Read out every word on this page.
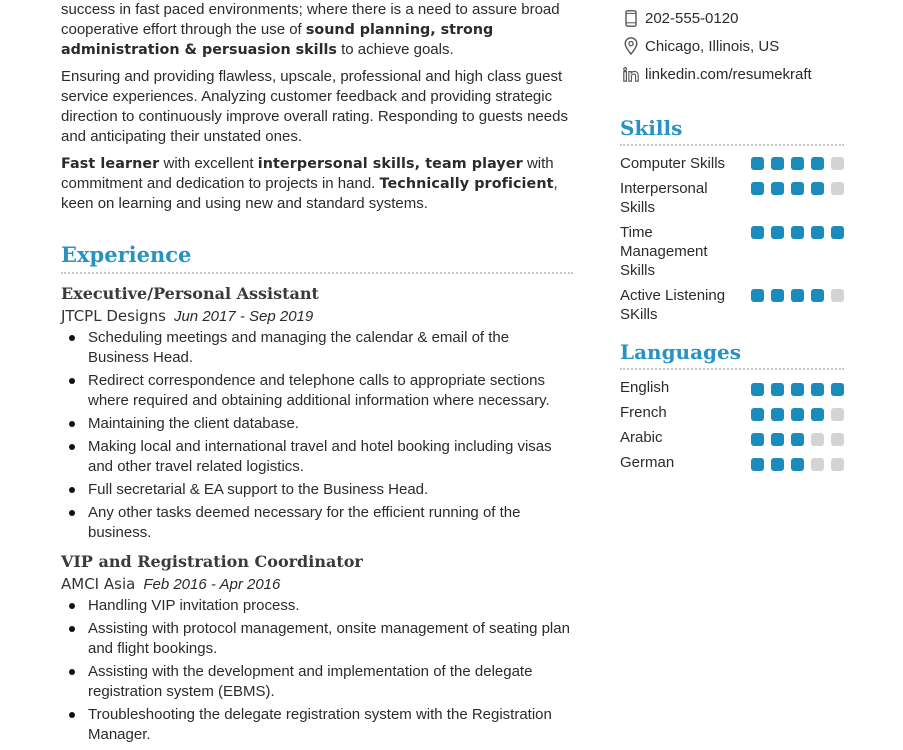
success in fast paced environments; where there is a need to assure broad
cooperative effort through the use of sound planning, strong
administration & persuasion skills to achieve goals.

Ensuring and providing flawless, upscale, professional and high class guest service experiences. Analyzing customer feedback and providing strategic direction to continuously improve overall rating. Responding to guests needs and anticipating their unstated ones.

Fast learner with excellent interpersonal skills, team player with commitment and dedication to projects in hand. Technically proficient, keen on learning and using new and standard systems.

Experience
Executive/Personal Assistant
JTCPL Designs Jun 2017 - Sep 2019
Scheduling meetings and managing the calendar & email of the Business Head.
Redirect correspondence and telephone calls to appropriate sections where required and obtaining additional information where necessary.
Maintaining the client database.
Making local and international travel and hotel booking including visas and other travel related logistics.
Full secretarial & EA support to the Business Head.
Any other tasks deemed necessary for the efficient running of the business.
VIP and Registration Coordinator
AMCI Asia Feb 2016 - Apr 2016
Handling VIP invitation process.
Assisting with protocol management, onsite management of seating plan and flight bookings.
Assisting with the development and implementation of the delegate registration system (EBMS).
Troubleshooting the delegate registration system with the Registration Manager.
202-555-0120
Chicago, Illinois, US
linkedin.com/resumekraft
Skills
Computer Skills
Interpersonal Skills
Time Management Skills
Active Listening SKills
Languages
English
French
Arabic
German
